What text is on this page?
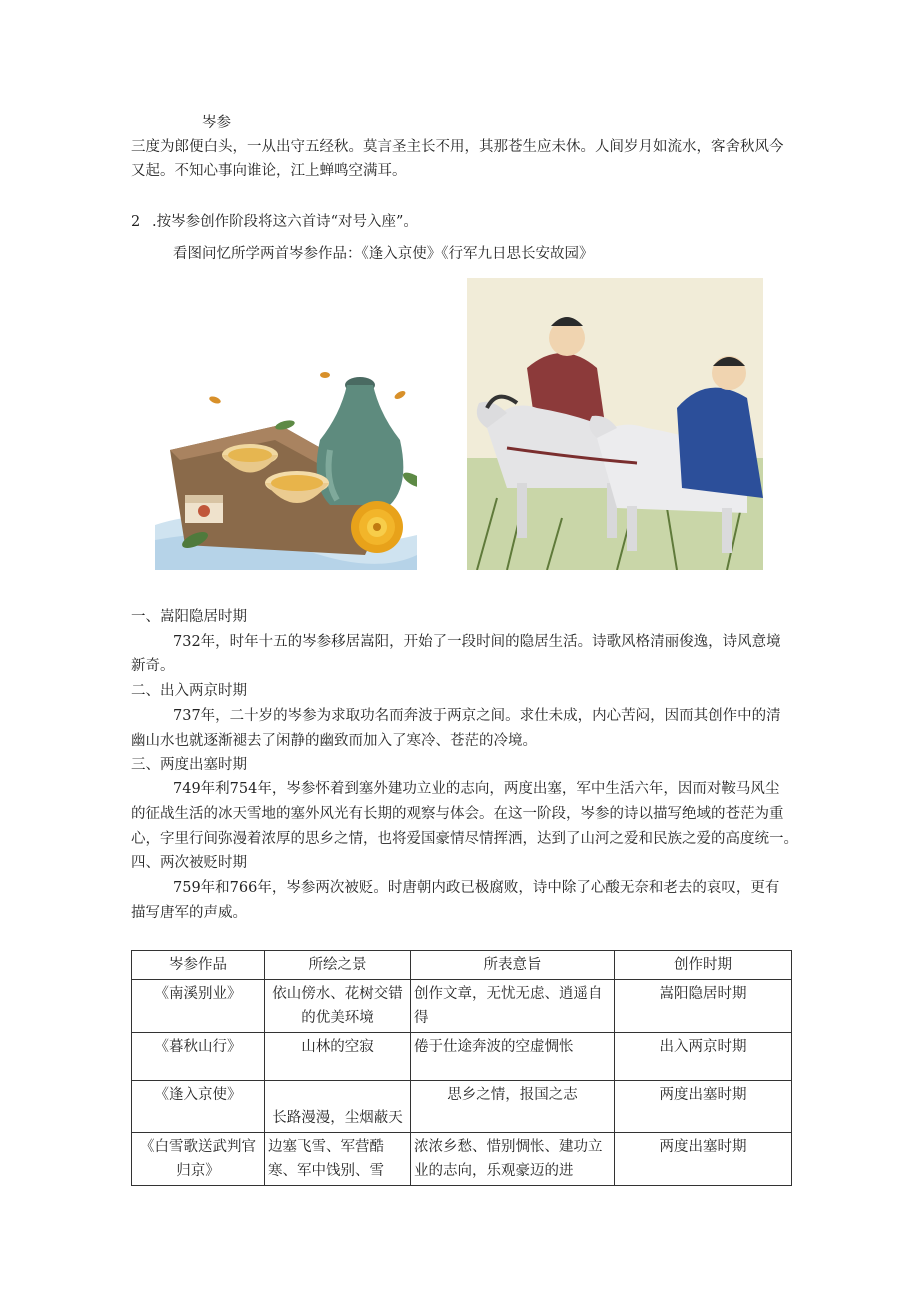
岑参
三度为郎便白头，一从出守五经秋。莫言圣主长不用，其那苍生应未休。人间岁月如流水，客舍秋风今
又起。不知心事向谁论，江上蝉鸣空满耳。
2 .按岑参创作阶段将这六首诗“对号入座”。
看图问忆所学两首岑参作品：《逢入京使》《行军九日思长安故园》
一、嵩阳隐居时期
732年，时年十五的岑参移居嵩阳，开始了一段时间的隐居生活。诗歌风格清丽俊逸，诗风意境
新奇。
二、出入两京时期
737年，二十岁的岑参为求取功名而奔波于两京之间。求仕未成，内心苦闷，因而其创作中的清
幽山水也就逐渐褪去了闲静的幽致而加入了寒冷、苍茫的冷境。
三、两度出塞时期
749年利754年，岑参怀着到塞外建功立业的志向，两度出塞，军中生活六年，因而对鞍马风尘
的征战生活的冰天雪地的塞外风光有长期的观察与体会。在这一阶段，岑参的诗以描写绝域的苍茫为重
心，字里行间弥漫着浓厚的思乡之情，也将爱国豪情尽情挥洒，达到了山河之爱和民族之爱的高度统一。
四、两次被贬时期
759年和766年，岑参两次被贬。时唐朝内政已极腐败，诗中除了心酸无奈和老去的哀叹，更有
描写唐军的声威。
岑参作品	所绘之景	所表意旨	创作时期
《南溪别业》	依山傍水、花树交错的优美环境	创作文章，无忧无虑、逍遥自得	嵩阳隐居时期
《暮秋山行》	山林的空寂	倦于仕途奔波的空虚惆怅	出入两京时期
《逢入京使》	长路漫漫，尘烟蔽天	思乡之情，报国之志	两度出塞时期
《白雪歌送武判官归京》	边塞飞雪、军营酷寒、军中饯别、雪	浓浓乡愁、惜别惆怅、建功立业的志向，乐观豪迈的进	两度出塞时期
